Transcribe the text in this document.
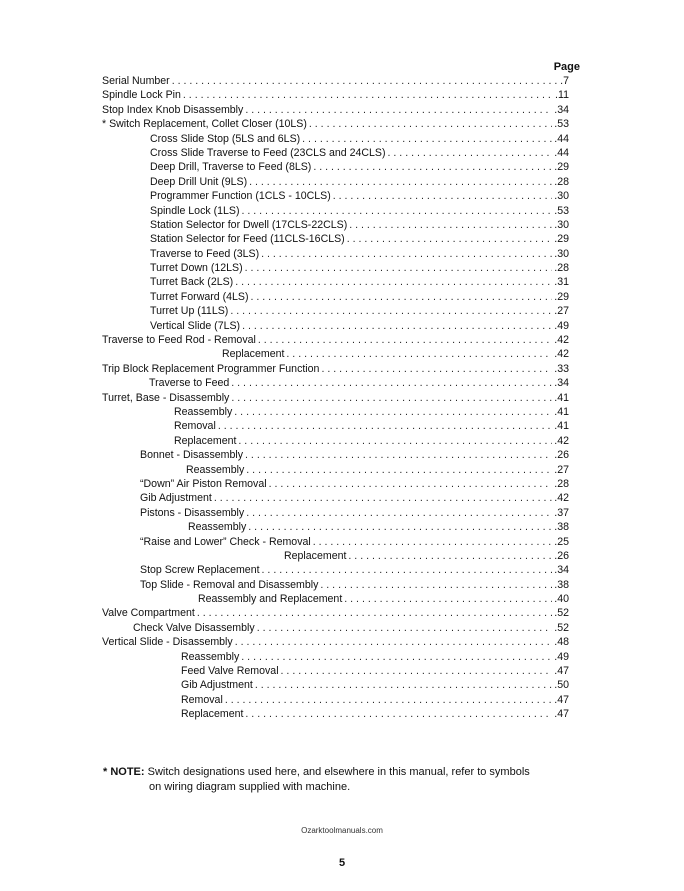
Page
Serial Number . . .	.7
Spindle Lock Pin . . .	.11
Stop Index Knob Disassembly . . .	.34
* Switch Replacement, Collet Closer (10LS) . . .	.53
Cross Slide Stop (5LS and 6LS) . . .	.44
Cross Slide Traverse to Feed (23CLS and 24CLS) . . .	.44
Deep Drill, Traverse to Feed (8LS) . . .	.29
Deep Drill Unit (9LS) . . .	.28
Programmer Function (1CLS - 10CLS) . . .	.30
Spindle Lock (1LS) . . .	.53
Station Selector for Dwell (17CLS-22CLS) . . .	.30
Station Selector for Feed (11CLS-16CLS) . . .	.29
Traverse to Feed (3LS) . . .	.30
Turret Down (12LS) . . .	.28
Turret Back (2LS) . . .	.31
Turret Forward (4LS) . . .	.29
Turret Up (11LS) . . .	.27
Vertical Slide (7LS) . . .	.49
Traverse to Feed Rod - Removal . . .	.42
Replacement . . .	.42
Trip Block Replacement Programmer Function . . .	.33
Traverse to Feed . . .	.34
Turret, Base - Disassembly . . .	.41
Reassembly . . .	.41
Removal . . .	.41
Replacement . . .	.42
Bonnet - Disassembly . . .	.26
Reassembly . . .	.27
“Down” Air Piston Removal . . .	.28
Gib Adjustment . . .	.42
Pistons - Disassembly . . .	.37
Reassembly . . .	.38
“Raise and Lower” Check - Removal . . .	.25
Replacement . . .	.26
Stop Screw Replacement . . .	.34
Top Slide - Removal and Disassembly . . .	.38
Reassembly and Replacement . . .	.40
Valve Compartment . . .	.52
Check Valve Disassembly . . .	.52
Vertical Slide - Disassembly . . .	.48
Reassembly . . .	.49
Feed Valve Removal . . .	.47
Gib Adjustment . . .	.50
Removal . . .	.47
Replacement . . .	.47
* NOTE: Switch designations used here, and elsewhere in this manual, refer to symbols
on wiring diagram supplied with machine.
Ozarktoolmanuals.com
5
